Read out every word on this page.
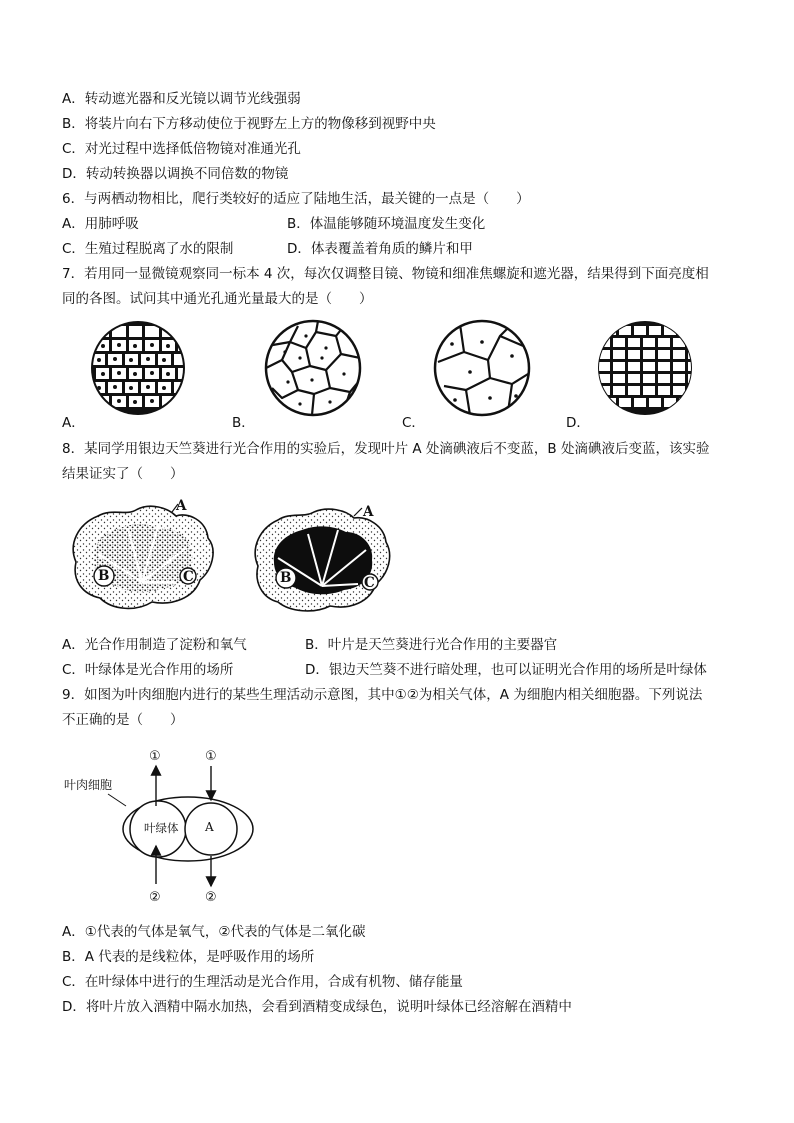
A．转动遮光器和反光镜以调节光线强弱
B．将装片向右下方移动使位于视野左上方的物像移到视野中央
C．对光过程中选择低倍物镜对准通光孔
D．转动转换器以调换不同倍数的物镜
6．与两栖动物相比，爬行类较好的适应了陆地生活，最关键的一点是（　　）
A．用肺呼吸	B．体温能够随环境温度发生变化
C．生殖过程脱离了水的限制	D．体表覆盖着角质的鳞片和甲
7．若用同一显微镜观察同一标本 4 次，每次仅调整目镜、物镜和细准焦螺旋和遮光器，结果得到下面亮度相
同的各图。试问其中通光孔通光量最大的是（　　）
A．	B．	C．	D．
8．某同学用银边天竺葵进行光合作用的实验后，发现叶片 A 处滴碘液后不变蓝，B 处滴碘液后变蓝，该实验
结果证实了（　　）
A
B	C
A
B	C
A．光合作用制造了淀粉和氧气	B．叶片是天竺葵进行光合作用的主要器官
C．叶绿体是光合作用的场所	D．银边天竺葵不进行暗处理，也可以证明光合作用的场所是叶绿体
9．如图为叶肉细胞内进行的某些生理活动示意图，其中①②为相关气体，A 为细胞内相关细胞器。下列说法
不正确的是（　　）
叶肉细胞
叶绿体 A
①	①
②	②
A．①代表的气体是氧气，②代表的气体是二氧化碳
B．A 代表的是线粒体，是呼吸作用的场所
C．在叶绿体中进行的生理活动是光合作用，合成有机物、储存能量
D．将叶片放入酒精中隔水加热，会看到酒精变成绿色，说明叶绿体已经溶解在酒精中
